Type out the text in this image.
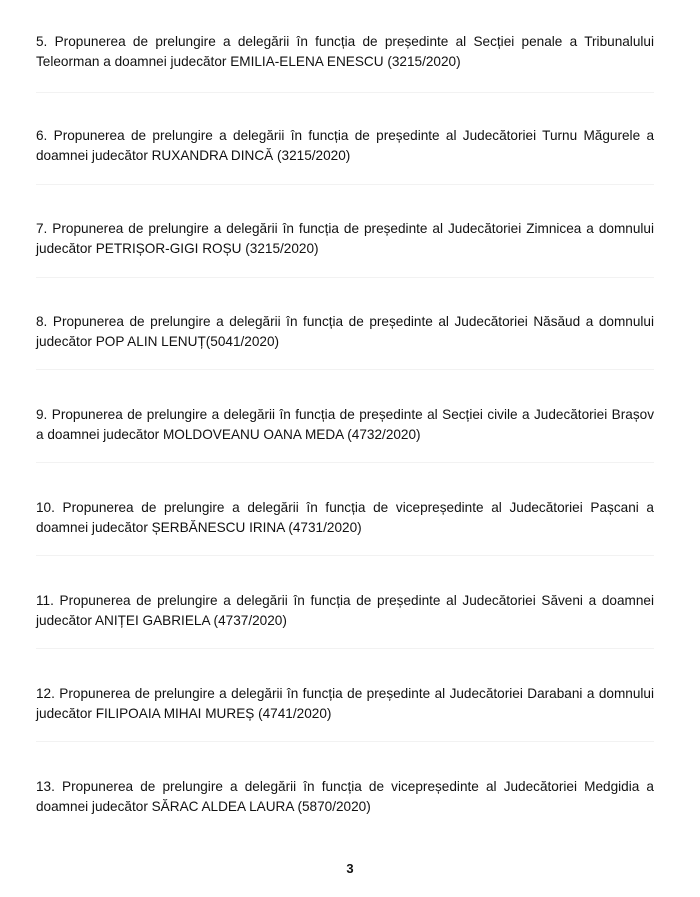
5. Propunerea de prelungire a delegării în funcția de președinte al Secției penale a Tribunalului Teleorman a doamnei judecător EMILIA-ELENA ENESCU (3215/2020)

6. Propunerea de prelungire a delegării în funcția de președinte al Judecătoriei Turnu Măgurele a doamnei judecător RUXANDRA DINCĂ (3215/2020)

7. Propunerea de prelungire a delegării în funcția de președinte al Judecătoriei Zimnicea a domnului judecător PETRIȘOR-GIGI ROȘU (3215/2020)

8. Propunerea de prelungire a delegării în funcția de președinte al Judecătoriei Năsăud a domnului judecător POP ALIN LENUȚ(5041/2020)

9. Propunerea de prelungire a delegării în funcția de președinte al Secției civile a Judecătoriei Brașov a doamnei judecător MOLDOVEANU OANA MEDA (4732/2020)

10. Propunerea de prelungire a delegării în funcția de vicepreședinte al Judecătoriei Pașcani a doamnei judecător ȘERBĂNESCU IRINA (4731/2020)

11. Propunerea de prelungire a delegării în funcția de președinte al Judecătoriei Săveni a doamnei judecător ANIȚEI GABRIELA (4737/2020)

12. Propunerea de prelungire a delegării în funcția de președinte al Judecătoriei Darabani a domnului judecător FILIPOAIA MIHAI MUREȘ (4741/2020)

13. Propunerea de prelungire a delegării în funcția de vicepreședinte al Judecătoriei Medgidia a doamnei judecător SĂRAC ALDEA LAURA (5870/2020)

3
